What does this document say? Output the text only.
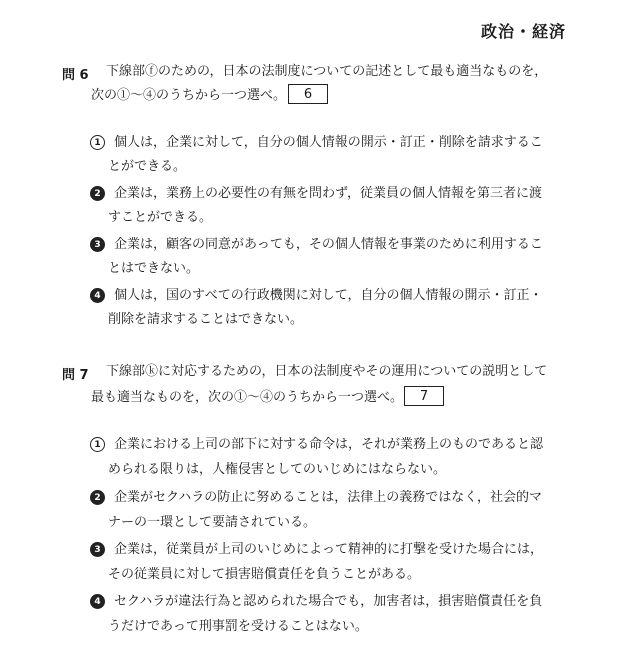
政治・経済
問 6 下線部ⓕのための，日本の法制度についての記述として最も適当なものを，
次の①〜④のうちから一つ選べ。	6
1	個人は，企業に対して，自分の個人情報の開示・訂正・削除を請求するこ
とができる。
2	企業は，業務上の必要性の有無を問わず，従業員の個人情報を第三者に渡
すことができる。
3	企業は，顧客の同意があっても，その個人情報を事業のために利用するこ
とはできない。
4	個人は，国のすべての行政機関に対して，自分の個人情報の開示・訂正・
削除を請求することはできない。
問 7 下線部ⓚに対応するための，日本の法制度やその運用についての説明として
最も適当なものを，次の①〜④のうちから一つ選べ。	7
1	企業における上司の部下に対する命令は，それが業務上のものであると認
められる限りは，人権侵害としてのいじめにはならない。
2	企業がセクハラの防止に努めることは，法律上の義務ではなく，社会的マ
ナーの一環として要請されている。
3	企業は，従業員が上司のいじめによって精神的に打撃を受けた場合には，
その従業員に対して損害賠償責任を負うことがある。
4	セクハラが違法行為と認められた場合でも，加害者は，損害賠償責任を負
うだけであって刑事罰を受けることはない。
